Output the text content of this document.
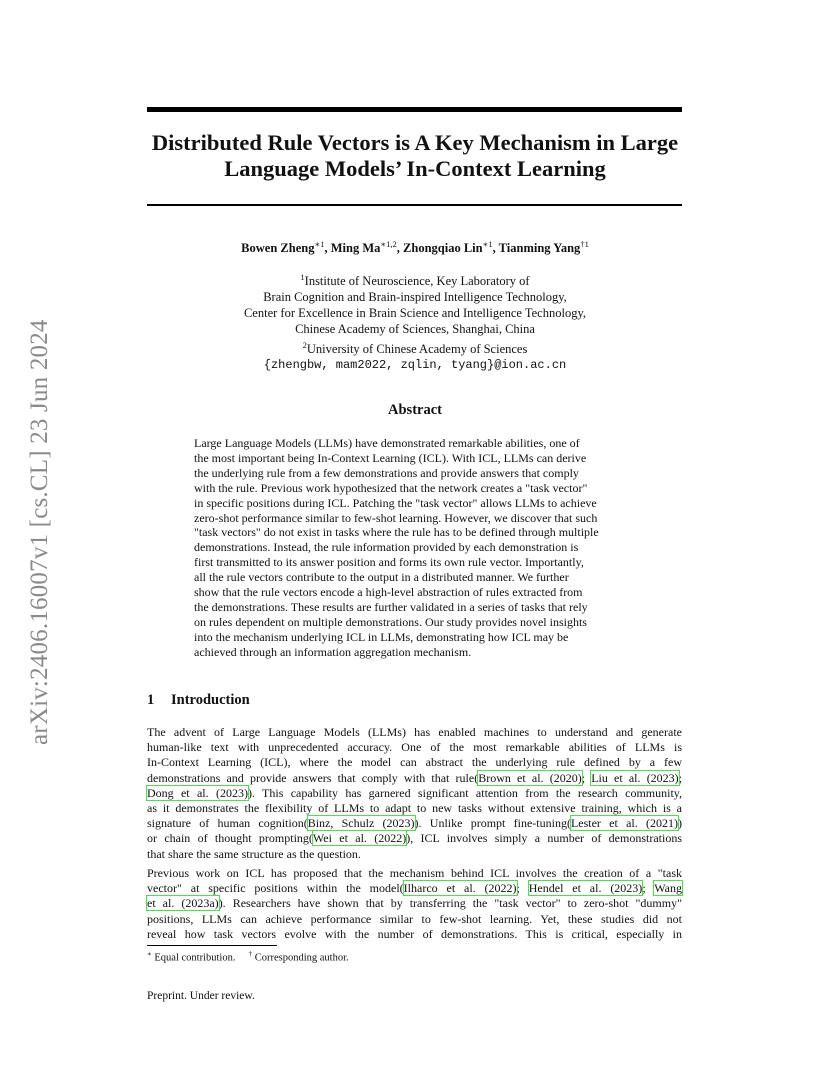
arXiv:2406.16007v1 [cs.CL] 23 Jun 2024
Distributed Rule Vectors is A Key Mechanism in Large
Language Models’ In-Context Learning
Bowen Zheng$^{∗1}$, Ming $Ma^{∗1,2}$, Zhongqiao Lin$^{∗1}$, Tianming Yang$^{\dagger 1}$
$^1$Institute of Neuroscience, Key Laboratory of
Brain Cognition and Brain-inspired Intelligence Technology,
Center for Excellence in Brain Science and Intelligence Technology,
Chinese Academy of Sciences, Shanghai, China
$^2$University of Chinese Academy of Sciences
{zhengbw, mam2022, zqlin, tyang}@ion.ac.cn
Abstract

Large Language Models (LLMs) have demonstrated remarkable abilities, one of
the most important being In-Context Learning (ICL). With ICL, LLMs can derive
the underlying rule from a few demonstrations and provide answers that comply
with the rule. Previous work hypothesized that the network creates a "task vector"
in specific positions during ICL. Patching the "task vector" allows LLMs to achieve
zero-shot performance similar to few-shot learning. However, we discover that such
"task vectors" do not exist in tasks where the rule has to be defined through multiple
demonstrations. Instead, the rule information provided by each demonstration is
first transmitted to its answer position and forms its own rule vector. Importantly,
all the rule vectors contribute to the output in a distributed manner. We further
show that the rule vectors encode a high-level abstraction of rules extracted from
the demonstrations. These results are further validated in a series of tasks that rely
on rules dependent on multiple demonstrations. Our study provides novel insights
into the mechanism underlying ICL in LLMs, demonstrating how ICL may be
achieved through an information aggregation mechanism.

1 Introduction
The advent of Large Language Models (LLMs) has enabled machines to understand and generate
human-like text with unprecedented accuracy. One of the most remarkable abilities of LLMs is
In-Context Learning (ICL), where the model can abstract the underlying rule defined by a few
demonstrations and provide answers that comply with that rule(Brown et al. (2020); Liu et al. (2023);
Dong et al. (2023)). This capability has garnered significant attention from the research community,
as it demonstrates the flexibility of LLMs to adapt to new tasks without extensive training, which is a
signature of human cognition(Binz, Schulz (2023)). Unlike prompt fine-tuning(Lester et al. (2021))
or chain of thought prompting(Wei et al. (2022)), ICL involves simply a number of demonstrations
that share the same structure as the question.
Previous work on ICL has proposed that the mechanism behind ICL involves the creation of a "task
vector" at specific positions within the model(Ilharco et al. (2022); Hendel et al. (2023); Wang
et al. (2023a)). Researchers have shown that by transferring the "task vector" to zero-shot "dummy"
positions, LLMs can achieve performance similar to few-shot learning. Yet, these studies did not
reveal how task vectors evolve with the number of demonstrations. This is critical, especially in
∗ Equal contribution. † Corresponding author.
Preprint. Under review.
